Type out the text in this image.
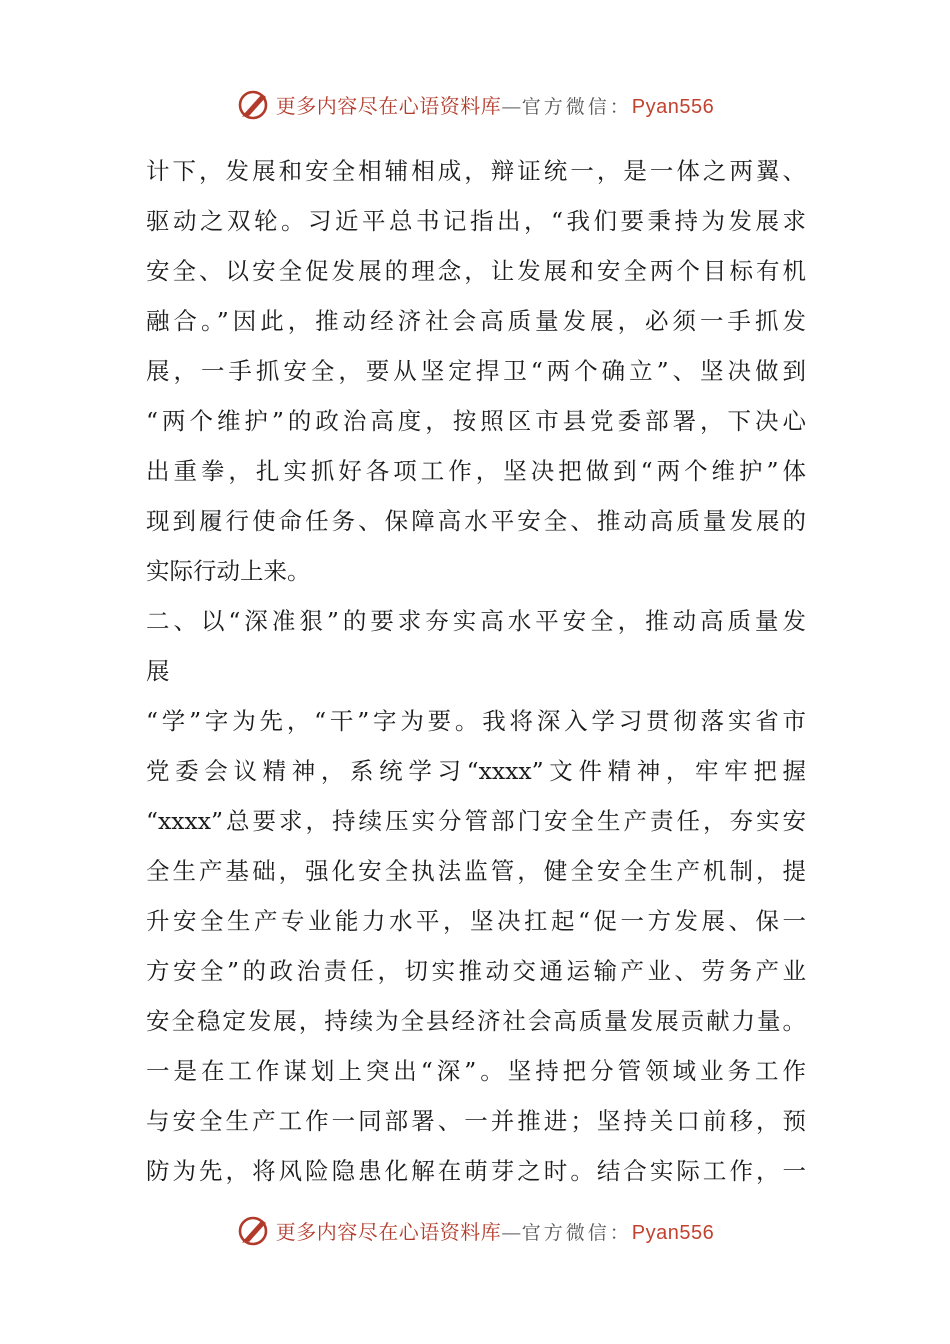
更多内容尽在心语资料库—官方微信：Pyan556
计下，发展和安全相辅相成，辩证统一，是一体之两翼、
驱动之双轮。习近平总书记指出，“我们要秉持为发展求
安全、以安全促发展的理念，让发展和安全两个目标有机
融合。”因此，推动经济社会高质量发展，必须一手抓发
展，一手抓安全，要从坚定捍卫“两个确立”、坚决做到
“两个维护”的政治高度，按照区市县党委部署，下决心
出重拳，扎实抓好各项工作，坚决把做到“两个维护”体
现到履行使命任务、保障高水平安全、推动高质量发展的
实际行动上来。
二、以“深准狠”的要求夯实高水平安全，推动高质量发
展
“学”字为先，“干”字为要。我将深入学习贯彻落实省市
党委会议精神，系统学习“xxxx”文件精神，牢牢把握
“xxxx”总要求，持续压实分管部门安全生产责任，夯实安
全生产基础，强化安全执法监管，健全安全生产机制，提
升安全生产专业能力水平，坚决扛起“促一方发展、保一
方安全”的政治责任，切实推动交通运输产业、劳务产业
安全稳定发展，持续为全县经济社会高质量发展贡献力量。
一是在工作谋划上突出“深”。坚持把分管领域业务工作
与安全生产工作一同部署、一并推进；坚持关口前移，预
防为先，将风险隐患化解在萌芽之时。结合实际工作，一
更多内容尽在心语资料库—官方微信：Pyan556
